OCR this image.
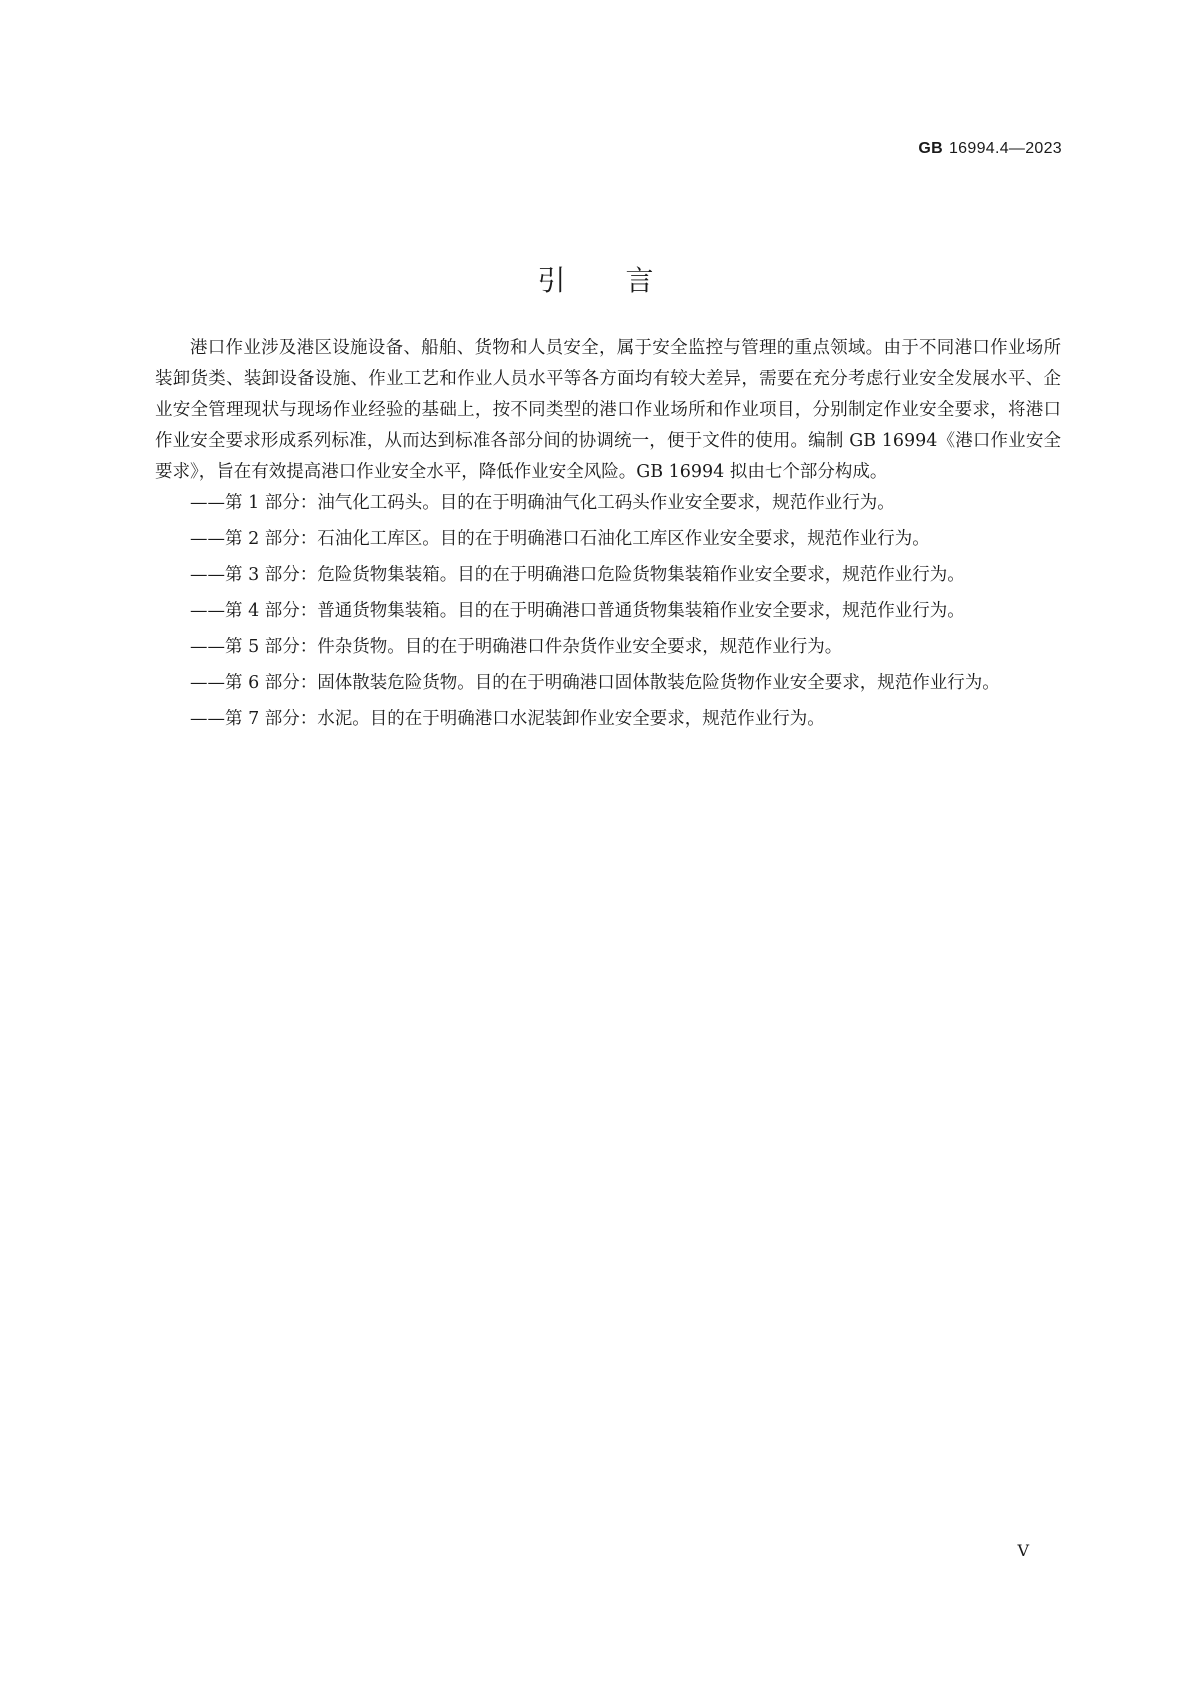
GB 16994.4—2023
引言

港口作业涉及港区设施设备、船舶、货物和人员安全，属于安全监控与管理的重点领域。由于不同港口作业场所装卸货类、装卸设备设施、作业工艺和作业人员水平等各方面均有较大差异，需要在充分考虑行业安全发展水平、企业安全管理现状与现场作业经验的基础上，按不同类型的港口作业场所和作业项目，分别制定作业安全要求，将港口作业安全要求形成系列标准，从而达到标准各部分间的协调统一，便于文件的使用。编制 GB 16994《港口作业安全要求》，旨在有效提高港口作业安全水平，降低作业安全风险。GB 16994 拟由七个部分构成。

——第 1 部分：油气化工码头。目的在于明确油气化工码头作业安全要求，规范作业行为。
——第 2 部分：石油化工库区。目的在于明确港口石油化工库区作业安全要求，规范作业行为。
——第 3 部分：危险货物集装箱。目的在于明确港口危险货物集装箱作业安全要求，规范作业行为。
——第 4 部分：普通货物集装箱。目的在于明确港口普通货物集装箱作业安全要求，规范作业行为。
——第 5 部分：件杂货物。目的在于明确港口件杂货作业安全要求，规范作业行为。
——第 6 部分：固体散装危险货物。目的在于明确港口固体散装危险货物作业安全要求，规范作业行为。
——第 7 部分：水泥。目的在于明确港口水泥装卸作业安全要求，规范作业行为。
V
